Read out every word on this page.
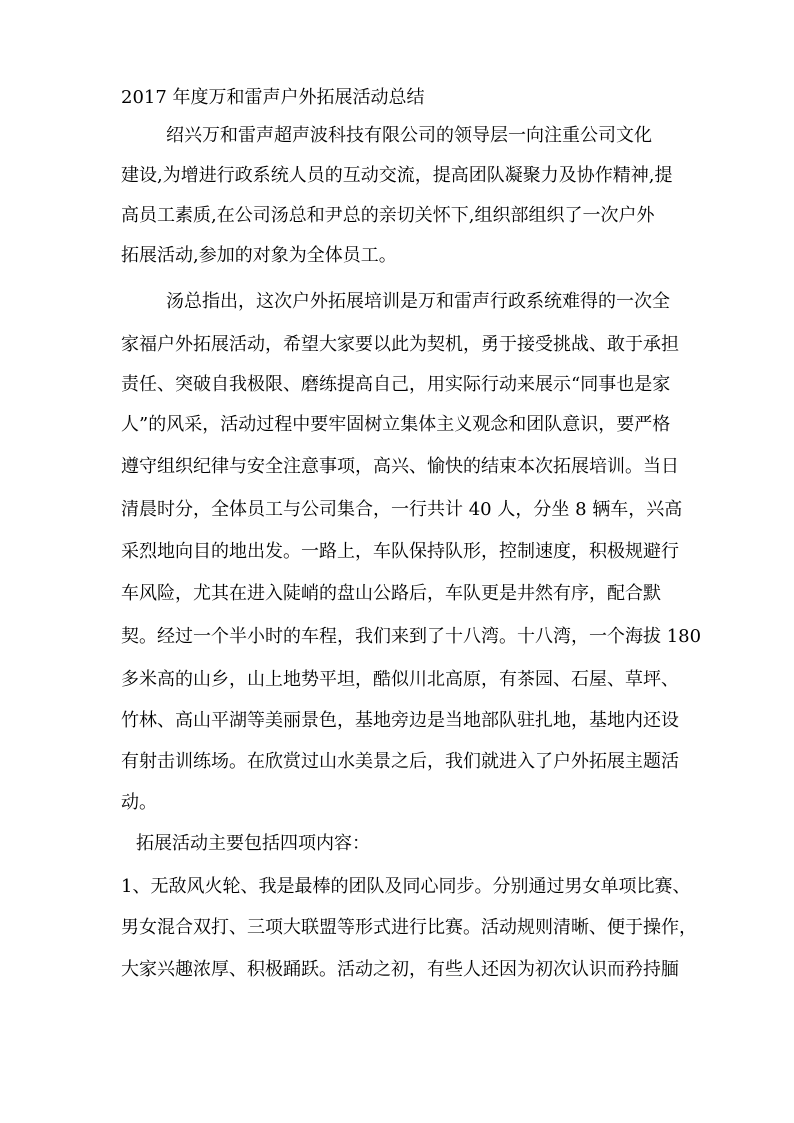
2017 年度万和雷声户外拓展活动总结
绍兴万和雷声超声波科技有限公司的领导层一向注重公司文化
建设,为增进行政系统人员的互动交流，提高团队凝聚力及协作精神,提
高员工素质,在公司汤总和尹总的亲切关怀下,组织部组织了一次户外
拓展活动,参加的对象为全体员工。
汤总指出，这次户外拓展培训是万和雷声行政系统难得的一次全
家福户外拓展活动，希望大家要以此为契机，勇于接受挑战、敢于承担
责任、突破自我极限、磨练提高自己，用实际行动来展示“同事也是家
人”的风采，活动过程中要牢固树立集体主义观念和团队意识，要严格
遵守组织纪律与安全注意事项，高兴、愉快的结束本次拓展培训。当日
清晨时分，全体员工与公司集合，一行共计 40 人，分坐 8 辆车，兴高
采烈地向目的地出发。一路上，车队保持队形，控制速度，积极规避行
车风险，尤其在进入陡峭的盘山公路后，车队更是井然有序，配合默
契。经过一个半小时的车程，我们来到了十八湾。十八湾，一个海拔 180
多米高的山乡，山上地势平坦，酷似川北高原，有茶园、石屋、草坪、
竹林、高山平湖等美丽景色，基地旁边是当地部队驻扎地，基地内还设
有射击训练场。在欣赏过山水美景之后，我们就进入了户外拓展主题活
动。
拓展活动主要包括四项内容：
1、无敌风火轮、我是最棒的团队及同心同步。分别通过男女单项比赛、
男女混合双打、三项大联盟等形式进行比赛。活动规则清晰、便于操作，
大家兴趣浓厚、积极踊跃。活动之初，有些人还因为初次认识而矜持腼
